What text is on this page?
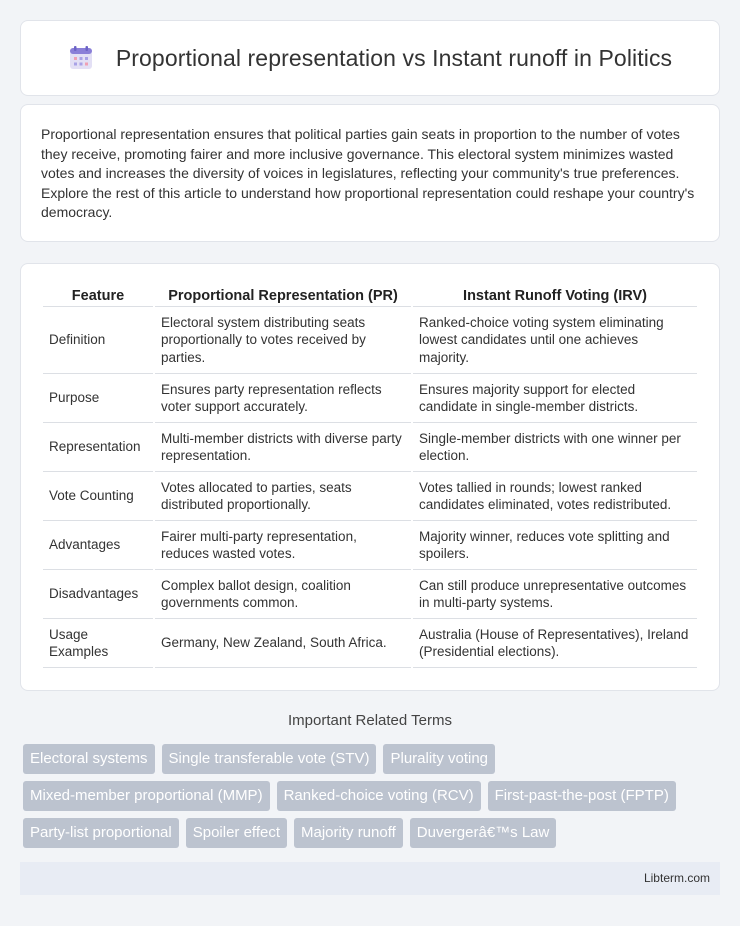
Proportional representation vs Instant runoff in Politics

Proportional representation ensures that political parties gain seats in proportion to the number of votes they receive, promoting fairer and more inclusive governance. This electoral system minimizes wasted votes and increases the diversity of voices in legislatures, reflecting your community's true preferences. Explore the rest of this article to understand how proportional representation could reshape your country's democracy.

Feature	Proportional Representation (PR)	Instant Runoff Voting (IRV)
Definition	Electoral system distributing seats proportionally to votes received by parties.	Ranked-choice voting system eliminating lowest candidates until one achieves majority.
Purpose	Ensures party representation reflects voter support accurately.	Ensures majority support for elected candidate in single-member districts.
Representation	Multi-member districts with diverse party representation.	Single-member districts with one winner per election.
Vote Counting	Votes allocated to parties, seats distributed proportionally.	Votes tallied in rounds; lowest ranked candidates eliminated, votes redistributed.
Advantages	Fairer multi-party representation, reduces wasted votes.	Majority winner, reduces vote splitting and spoilers.
Disadvantages	Complex ballot design, coalition governments common.	Can still produce unrepresentative outcomes in multi-party systems.
Usage Examples	Germany, New Zealand, South Africa.	Australia (House of Representatives), Ireland (Presidential elections).
Important Related Terms
Electoral systems	Single transferable vote (STV)	Plurality voting
Mixed-member proportional (MMP)	Ranked-choice voting (RCV)	First-past-the-post (FPTP)
Party-list proportional	Spoiler effect	Majority runoff	Duvergerâ€™s Law
Libterm.com
